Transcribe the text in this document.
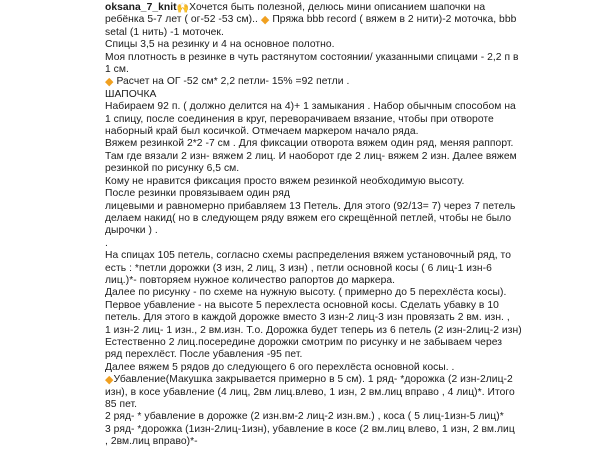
oksana_7_knit🙌Хочется быть полезной, делюсь мини описанием шапочки на
ребёнка 5-7 лет ( ог-52 -53 см).. ◆ Пряжа bbb record ( вяжем в 2 нити)-2 моточка, bbb
setal (1 нить) -1 моточек.
Спицы 3,5 на резинку и 4 на основное полотно.
Моя плотность в резинке в чуть растянутом состоянии/ указанными спицами - 2,2 п в
1 см.
◆ Расчет на ОГ -52 см* 2,2 петли- 15% =92 петли .
ШАПОЧКА
Набираем 92 п. ( должно делится на 4)+ 1 замыкания . Набор обычным способом на
1 спицу, после соединения в круг, переворачиваем вязание, чтобы при отвороте
наборный край был косичкой. Отмечаем маркером начало ряда.
Вяжем резинкой 2*2 -7 см . Для фиксации отворота вяжем один ряд, меняя раппорт.
Там где вязали 2 изн- вяжем 2 лиц. И наоборот где 2 лиц- вяжем 2 изн. Далее вяжем
резинкой по рисунку 6,5 см.
Кому не нравится фиксация просто вяжем резинкой необходимую высоту.
После резинки провязываем один ряд
лицевыми и равномерно прибавляем 13 Петель. Для этого (92/13= 7) через 7 петель
делаем накид( но в следующем ряду вяжем его скрещённой петлей, чтобы не было
дырочки ) .
.
На спицах 105 петель, согласно схемы распределения вяжем установочный ряд, то
есть : *петли дорожки (3 изн, 2 лиц, 3 изн) , петли основной косы ( 6 лиц-1 изн-6
лиц.)*- повторяем нужное количество рапортов до маркера.
Далее по рисунку - по схеме на нужную высоту. ( примерно до 5 перехлёста косы).
Первое убавление - на высоте 5 перехлеста основной косы. Сделать убавку в 10
петель. Для этого в каждой дорожке вместо 3 изн-2 лиц-3 изн провязать 2 вм. изн. ,
1 изн-2 лиц- 1 изн., 2 вм.изн. Т.о. Дорожка будет теперь из 6 петель (2 изн-2лиц-2 изн)
Естественно 2 лиц.посередине дорожки смотрим по рисунку и не забываем через
ряд перехлёст. После убавления -95 пет.
Далее вяжем 5 рядов до следующего 6 ого перехлёста основной косы. .
◆Убавление(Макушка закрывается примерно в 5 см). 1 ряд- *дорожка (2 изн-2лиц-2
изн), в косе убавление (4 лиц, 2вм лиц.влево, 1 изн, 2 вм.лиц вправо , 4 лиц)*. Итого
85 пет.
2 ряд- * убавление в дорожке (2 изн.вм-2 лиц-2 изн.вм.) , коса ( 5 лиц-1изн-5 лиц)*
3 ряд- *дорожка (1изн-2лиц-1изн), убавление в косе (2 вм.лиц влево, 1 изн, 2 вм.лиц
, 2вм.лиц вправо)*-
